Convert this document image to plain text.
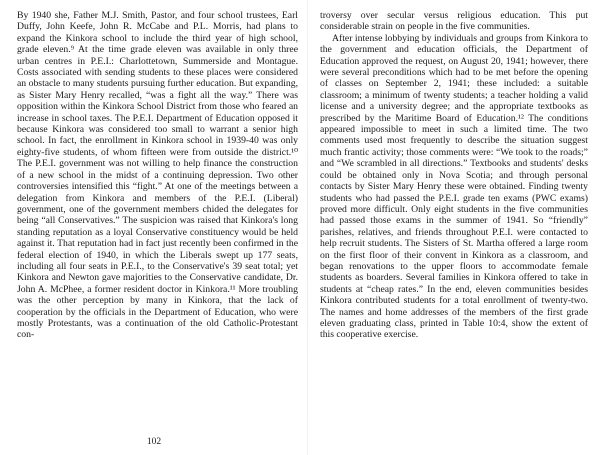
By 1940 she, Father M.J. Smith, Pastor, and four school trustees, Earl Duffy, John Keefe, John R. McCabe and P.L. Morris, had plans to expand the Kinkora school to include the third year of high school, grade eleven.⁹ At the time grade eleven was available in only three urban centres in P.E.I.: Charlottetown, Summerside and Montague. Costs associated with sending students to these places were considered an obstacle to many students pursuing further education. But expanding, as Sister Mary Henry recalled, “was a fight all the way.” There was opposition within the Kinkora School District from those who feared an increase in school taxes. The P.E.I. Department of Education opposed it because Kinkora was considered too small to warrant a senior high school. In fact, the enrollment in Kinkora school in 1939-40 was only eighty-five students, of whom fifteen were from outside the district.¹⁰ The P.E.I. government was not willing to help finance the construction of a new school in the midst of a continuing depression. Two other controversies intensified this “fight.” At one of the meetings between a delegation from Kinkora and members of the P.E.I. (Liberal) government, one of the government members chided the delegates for being “all Conservatives.” The suspicion was raised that Kinkora's long standing reputation as a loyal Conservative constituency would be held against it. That reputation had in fact just recently been confirmed in the federal election of 1940, in which the Liberals swept up 177 seats, including all four seats in P.E.I., to the Conservative's 39 seat total; yet Kinkora and Newton gave majorities to the Conservative candidate, Dr. John A. McPhee, a former resident doctor in Kinkora.¹¹ More troubling was the other perception by many in Kinkora, that the lack of cooperation by the officials in the Department of Education, who were mostly Protestants, was a continuation of the old Catholic-Protestant con-

102

troversy over secular versus religious education. This put considerable strain on people in the five communities.

After intense lobbying by individuals and groups from Kinkora to the government and education officials, the Department of Education approved the request, on August 20, 1941; however, there were several preconditions which had to be met before the opening of classes on September 2, 1941; these included: a suitable classroom; a minimum of twenty students; a teacher holding a valid license and a university degree; and the appropriate textbooks as prescribed by the Maritime Board of Education.¹² The conditions appeared impossible to meet in such a limited time. The two comments used most frequently to describe the situation suggest much frantic activity; those comments were: “We took to the roads;” and “We scrambled in all directions.” Textbooks and students' desks could be obtained only in Nova Scotia; and through personal contacts by Sister Mary Henry these were obtained. Finding twenty students who had passed the P.E.I. grade ten exams (PWC exams) proved more difficult. Only eight students in the five communities had passed those exams in the summer of 1941. So “friendly” parishes, relatives, and friends throughout P.E.I. were contacted to help recruit students. The Sisters of St. Martha offered a large room on the first floor of their convent in Kinkora as a classroom, and began renovations to the upper floors to accommodate female students as boarders. Several families in Kinkora offered to take in students at “cheap rates.” In the end, eleven communities besides Kinkora contributed students for a total enrollment of twenty-two. The names and home addresses of the members of the first grade eleven graduating class, printed in Table 10:4, show the extent of this cooperative exercise.
